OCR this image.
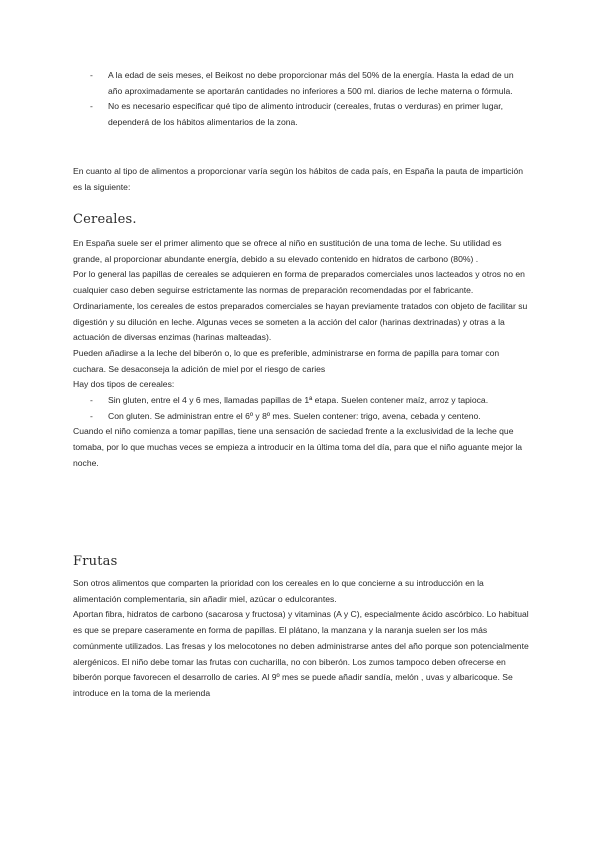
- A la edad de seis meses, el Beikost no debe proporcionar más del 50% de la energía. Hasta la edad de un año aproximadamente se aportarán cantidades no inferiores a 500 ml. diarios de leche materna o fórmula.
- No es necesario especificar qué tipo de alimento introducir (cereales, frutas o verduras) en primer lugar, dependerá de los hábitos alimentarios de la zona.

En cuanto al tipo de alimentos a proporcionar varía según los hábitos de cada país, en España la pauta de impartición es la siguiente:

Cereales.

En España suele ser el primer alimento que se ofrece al niño en sustitución de una toma de leche. Su utilidad es grande, al proporcionar abundante energía, debido a su elevado contenido en hidratos de carbono (80%) .

Por lo general las papillas de cereales se adquieren en forma de preparados comerciales unos lacteados y otros no en cualquier caso deben seguirse estrictamente las normas de preparación recomendadas por el fabricante. Ordinariamente, los cereales de estos preparados comerciales se hayan previamente tratados con objeto de facilitar su digestión y su dilución en leche. Algunas veces se someten a la acción del calor (harinas dextrinadas) y otras a la actuación de diversas enzimas (harinas malteadas).

Pueden añadirse a la leche del biberón o, lo que es preferible, administrarse en forma de papilla para tomar con cuchara. Se desaconseja la adición de miel por el riesgo de caries

Hay dos tipos de cereales:

- Sin gluten, entre el 4 y 6 mes, llamadas papillas de 1ª etapa. Suelen contener maíz, arroz y tapioca.
- Con gluten. Se administran entre el 6º y 8º mes. Suelen contener: trigo, avena, cebada y centeno.

Cuando el niño comienza a tomar papillas, tiene una sensación de saciedad frente a la exclusividad de la leche que tomaba, por lo que muchas veces se empieza a introducir en la última toma del día, para que el niño aguante mejor la noche.

Frutas

Son otros alimentos que comparten la prioridad con los cereales en lo que concierne a su introducción en la alimentación complementaria, sin añadir miel, azúcar o edulcorantes.

Aportan fibra, hidratos de carbono (sacarosa y fructosa) y vitaminas (A y C), especialmente ácido ascórbico. Lo habitual es que se prepare caseramente en forma de papillas. El plátano, la manzana y la naranja suelen ser los más comúnmente utilizados. Las fresas y los melocotones no deben administrarse antes del año porque son potencialmente alergénicos. El niño debe tomar las frutas con cucharilla, no con biberón. Los zumos tampoco deben ofrecerse en biberón porque favorecen el desarrollo de caries. Al 9º mes se puede añadir sandía, melón , uvas y albaricoque. Se introduce en la toma de la merienda
